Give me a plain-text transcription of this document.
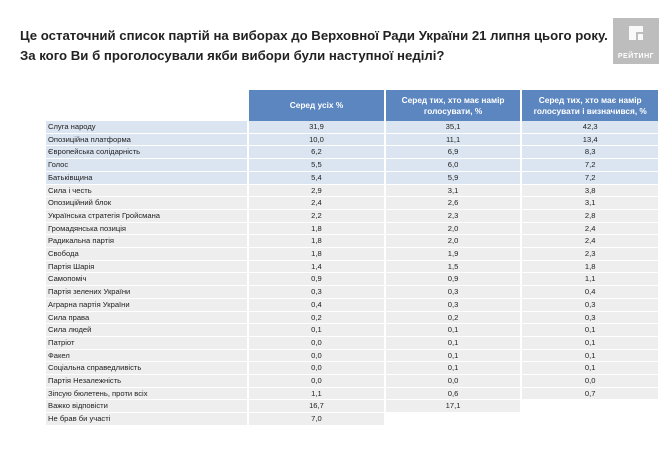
Це остаточний список партій на виборах до Верховної Ради України 21 липня цього року.
За кого Ви б проголосували якби вибори були наступної неділі?	РЕЙТИНГ
	Серед усіх %	Серед тих, хто має намір голосувати, %	Серед тих, хто має намір голосувати і визначився, %
Слуга народу	31,9	35,1	42,3
Опозиційна платформа	10,0	11,1	13,4
Європейська солідарність	6,2	6,9	8,3
Голос	5,5	6,0	7,2
Батьківщина	5,4	5,9	7,2
Сила і честь	2,9	3,1	3,8
Опозиційний блок	2,4	2,6	3,1
Українська стратегія Гройсмана	2,2	2,3	2,8
Громадянська позиція	1,8	2,0	2,4
Радикальна партія	1,8	2,0	2,4
Свобода	1,8	1,9	2,3
Партія Шарія	1,4	1,5	1,8
Самопоміч	0,9	0,9	1,1
Партія зелених України	0,3	0,3	0,4
Аграрна партія України	0,4	0,3	0,3
Сила права	0,2	0,2	0,3
Сила людей	0,1	0,1	0,1
Патріот	0,0	0,1	0,1
Факел	0,0	0,1	0,1
Соціальна справедливість	0,0	0,1	0,1
Партія Незалежність	0,0	0,0	0,0
Зіпсую бюлетень, проти всіх	1,1	0,6	0,7
Важко відповісти	16,7	17,1	
Не брав би участі	7,0		
